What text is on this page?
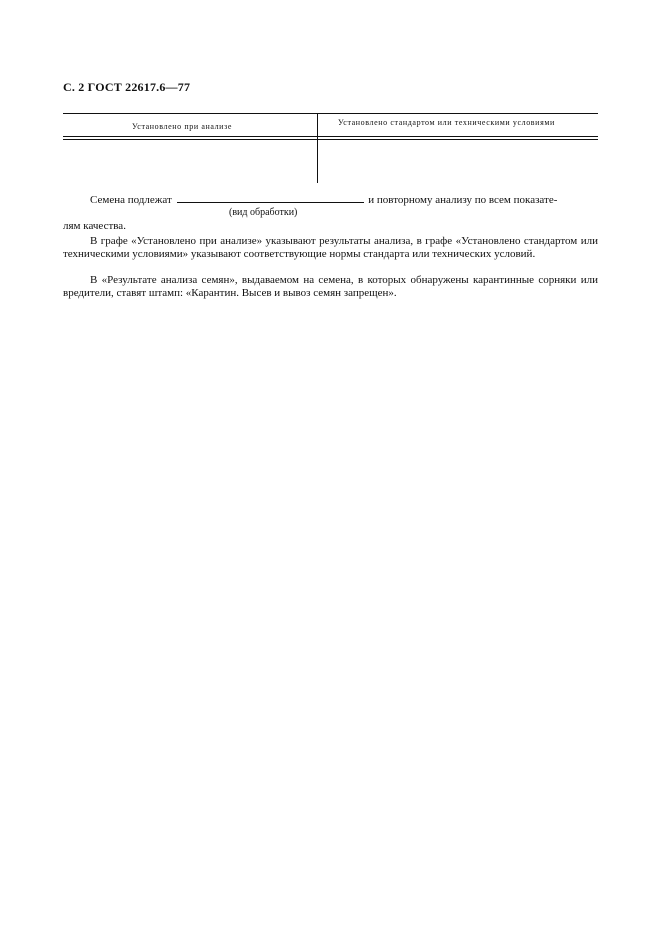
С. 2 ГОСТ 22617.6—77
Установлено при анализе	Установлено стандартом или техническими условиями
Семена подлежат	и повторному анализу по всем показате-
(вид обработки)
лям качества.
В графе «Установлено при анализе» указывают результаты анализа, в графе «Установлено стандартом или техническими условиями» указывают соответствующие нормы стандарта или технических условий.
В «Результате анализа семян», выдаваемом на семена, в которых обнаружены карантинные сорняки или вредители, ставят штамп: «Карантин. Высев и вывоз семян запрещен».
